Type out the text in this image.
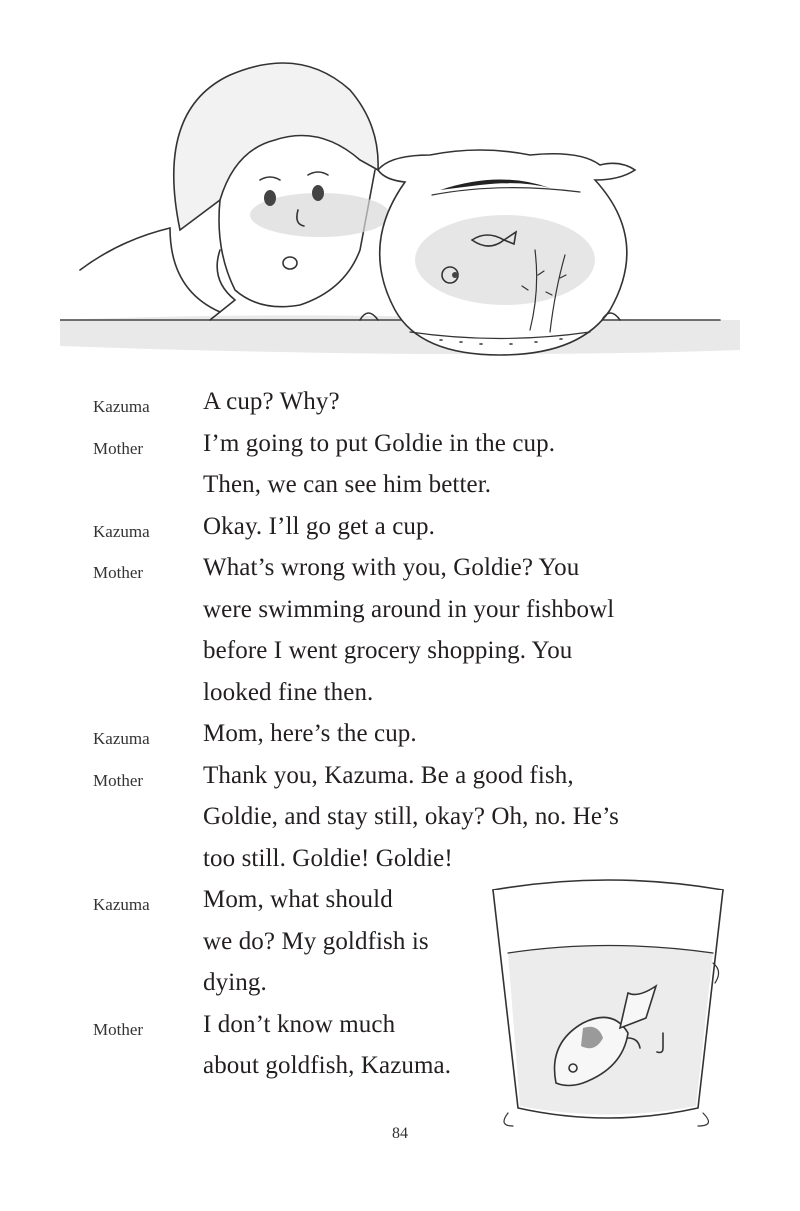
Kazuma A cup? Why?
Mother I’m going to put Goldie in the cup.
Then, we can see him better.
Kazuma Okay. I’ll go get a cup.
Mother What’s wrong with you, Goldie? You
were swimming around in your fishbowl
before I went grocery shopping. You
looked fine then.
Kazuma Mom, here’s the cup.
Mother Thank you, Kazuma. Be a good fish,
Goldie, and stay still, okay? Oh, no. He’s
too still. Goldie! Goldie!
Kazuma Mom, what should
we do? My goldfish is
dying.
Mother I don’t know much
about goldfish, Kazuma.
84
